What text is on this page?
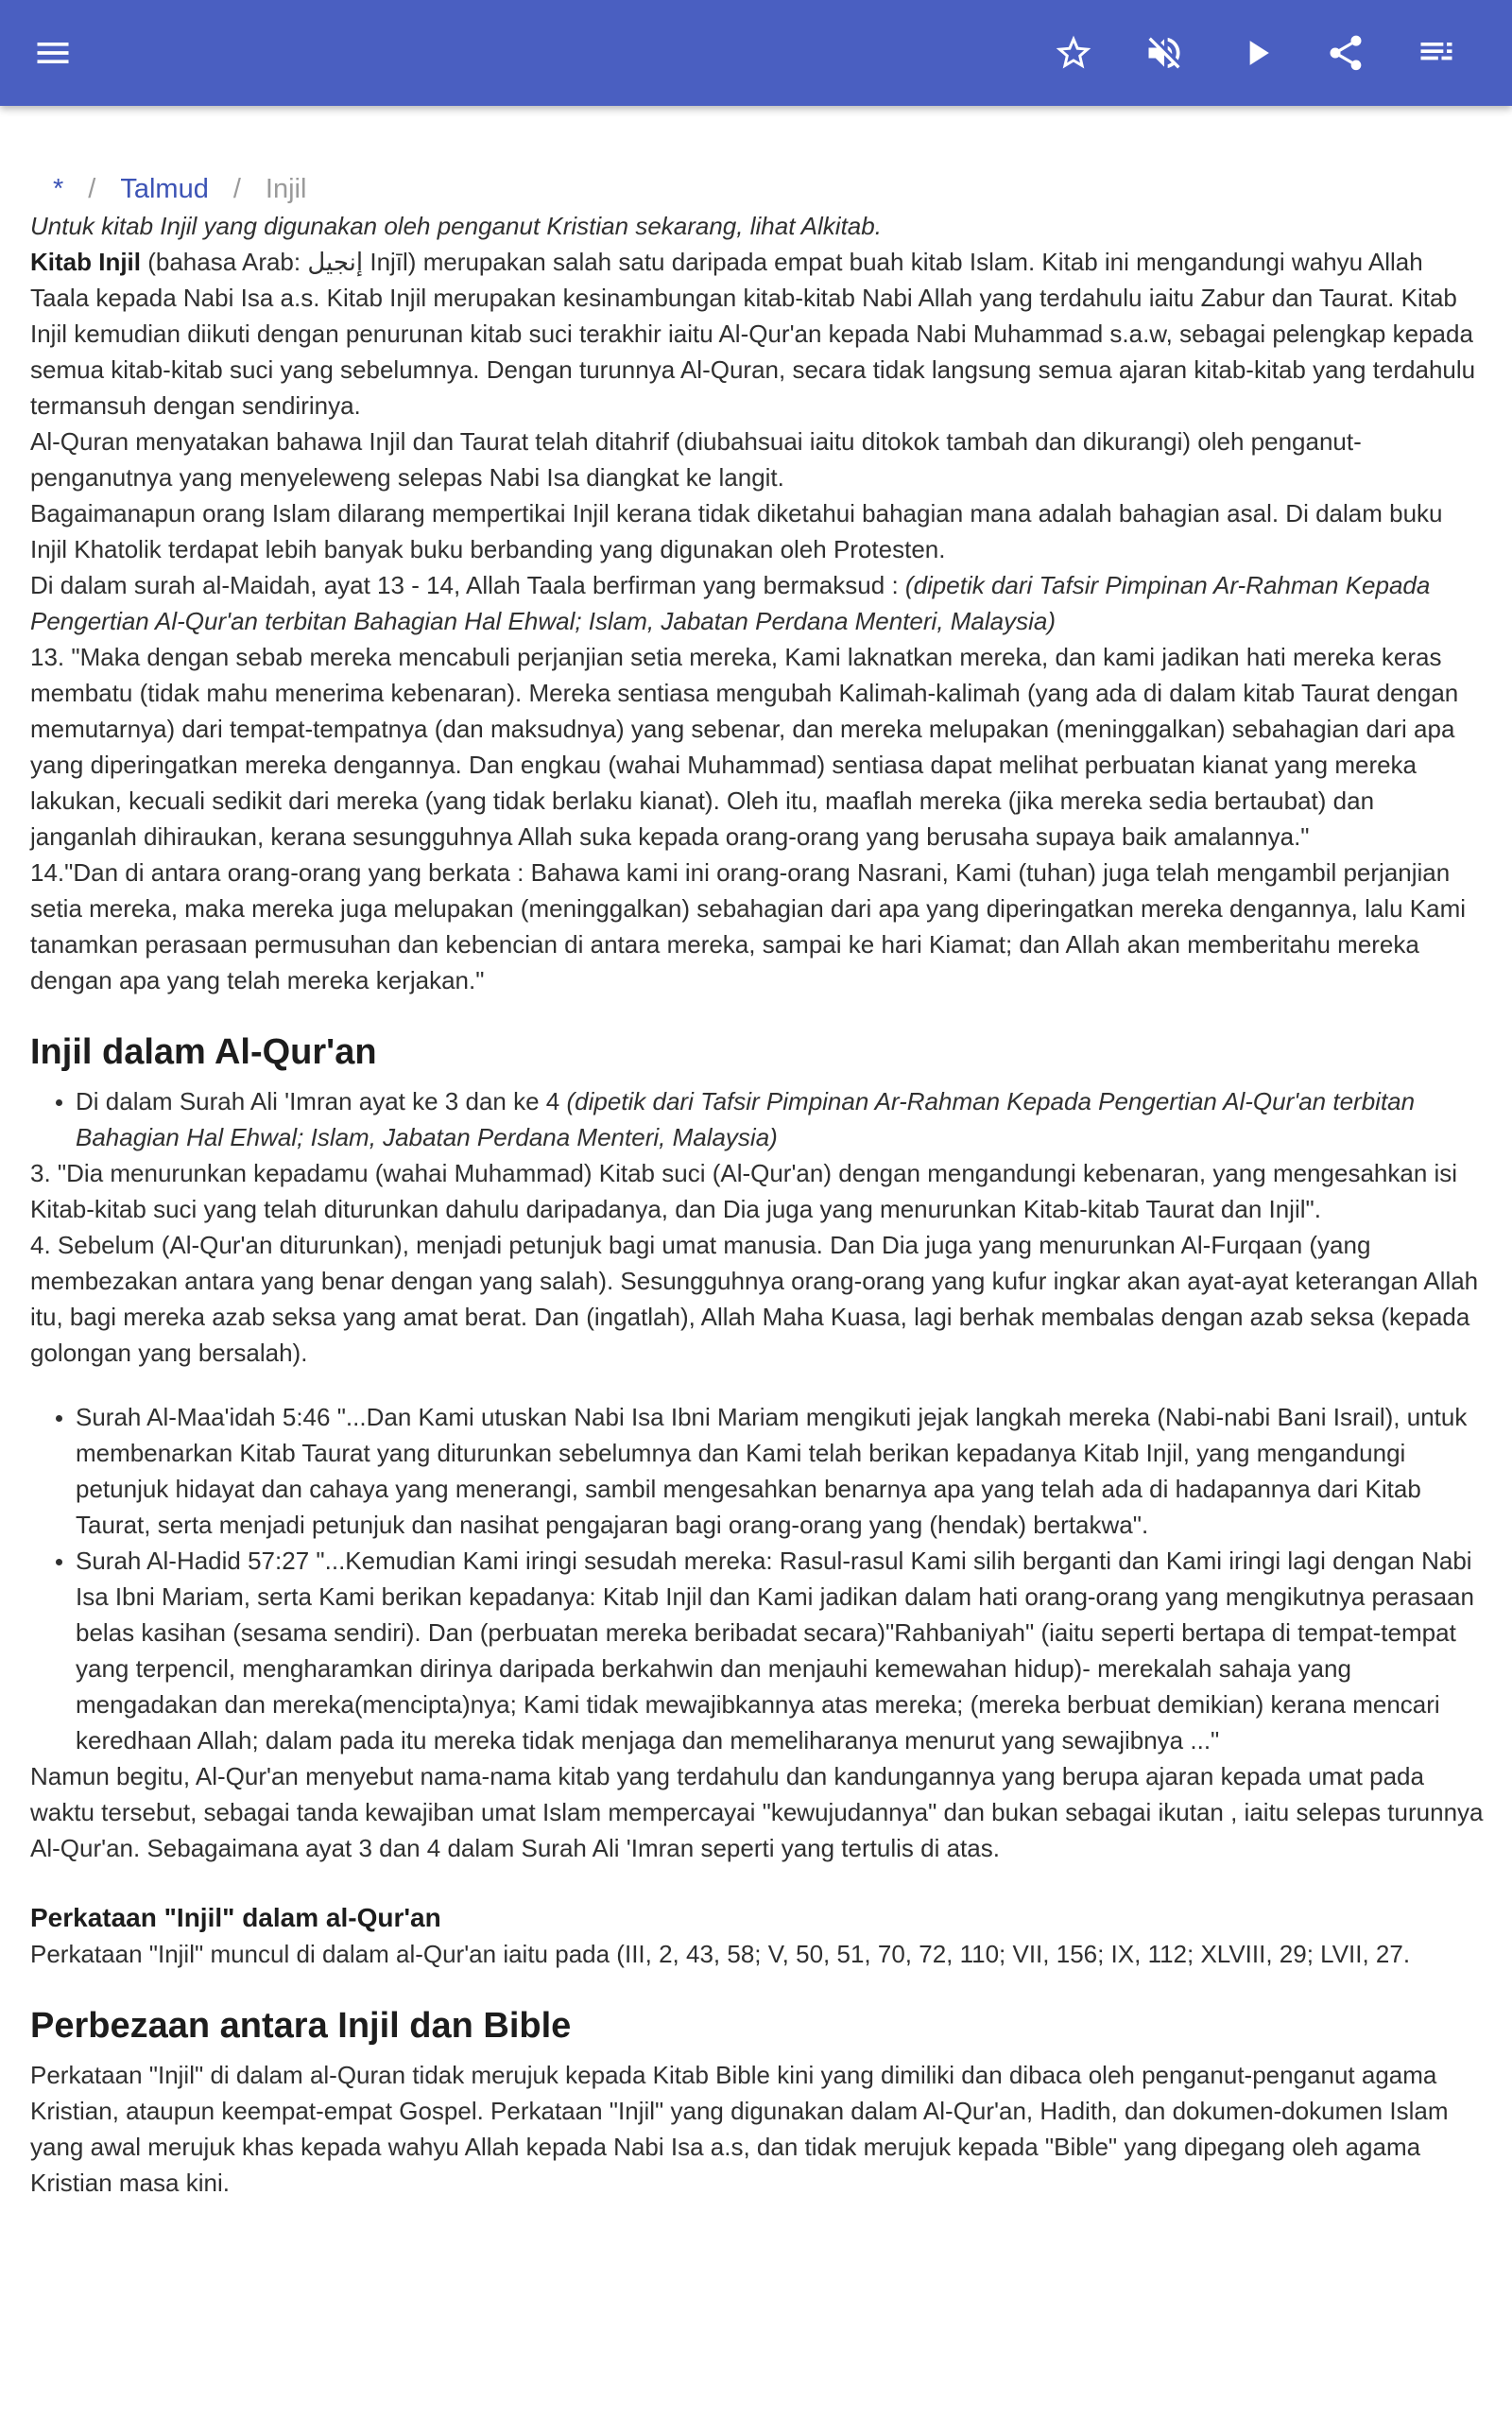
* / Talmud / Injil

Untuk kitab Injil yang digunakan oleh penganut Kristian sekarang, lihat Alkitab.

Kitab Injil (bahasa Arab: إنجيل Injīl) merupakan salah satu daripada empat buah kitab Islam. Kitab ini mengandungi wahyu Allah Taala kepada Nabi Isa a.s. Kitab Injil merupakan kesinambungan kitab-kitab Nabi Allah yang terdahulu iaitu Zabur dan Taurat. Kitab Injil kemudian diikuti dengan penurunan kitab suci terakhir iaitu Al-Qur'an kepada Nabi Muhammad s.a.w, sebagai pelengkap kepada semua kitab-kitab suci yang sebelumnya. Dengan turunnya Al-Quran, secara tidak langsung semua ajaran kitab-kitab yang terdahulu termansuh dengan sendirinya.

Al-Quran menyatakan bahawa Injil dan Taurat telah ditahrif (diubahsuai iaitu ditokok tambah dan dikurangi) oleh penganut-penganutnya yang menyeleweng selepas Nabi Isa diangkat ke langit.

Bagaimanapun orang Islam dilarang mempertikai Injil kerana tidak diketahui bahagian mana adalah bahagian asal. Di dalam buku Injil Khatolik terdapat lebih banyak buku berbanding yang digunakan oleh Protesten.

Di dalam surah al-Maidah, ayat 13 - 14, Allah Taala berfirman yang bermaksud : (dipetik dari Tafsir Pimpinan Ar-Rahman Kepada Pengertian Al-Qur'an terbitan Bahagian Hal Ehwal; Islam, Jabatan Perdana Menteri, Malaysia)

13. "Maka dengan sebab mereka mencabuli perjanjian setia mereka, Kami laknatkan mereka, dan kami jadikan hati mereka keras membatu (tidak mahu menerima kebenaran). Mereka sentiasa mengubah Kalimah-kalimah (yang ada di dalam kitab Taurat dengan memutarnya) dari tempat-tempatnya (dan maksudnya) yang sebenar, dan mereka melupakan (meninggalkan) sebahagian dari apa yang diperingatkan mereka dengannya. Dan engkau (wahai Muhammad) sentiasa dapat melihat perbuatan kianat yang mereka lakukan, kecuali sedikit dari mereka (yang tidak berlaku kianat). Oleh itu, maaflah mereka (jika mereka sedia bertaubat) dan janganlah dihiraukan, kerana sesungguhnya Allah suka kepada orang-orang yang berusaha supaya baik amalannya."

14."Dan di antara orang-orang yang berkata : Bahawa kami ini orang-orang Nasrani, Kami (tuhan) juga telah mengambil perjanjian setia mereka, maka mereka juga melupakan (meninggalkan) sebahagian dari apa yang diperingatkan mereka dengannya, lalu Kami tanamkan perasaan permusuhan dan kebencian di antara mereka, sampai ke hari Kiamat; dan Allah akan memberitahu mereka dengan apa yang telah mereka kerjakan."

Injil dalam Al-Qur'an
• Di dalam Surah Ali 'Imran ayat ke 3 dan ke 4 (dipetik dari Tafsir Pimpinan Ar-Rahman Kepada Pengertian Al-Qur'an terbitan Bahagian Hal Ehwal; Islam, Jabatan Perdana Menteri, Malaysia)

3. "Dia menurunkan kepadamu (wahai Muhammad) Kitab suci (Al-Qur'an) dengan mengandungi kebenaran, yang mengesahkan isi Kitab-kitab suci yang telah diturunkan dahulu daripadanya, dan Dia juga yang menurunkan Kitab-kitab Taurat dan Injil".

4. Sebelum (Al-Qur'an diturunkan), menjadi petunjuk bagi umat manusia. Dan Dia juga yang menurunkan Al-Furqaan (yang membezakan antara yang benar dengan yang salah). Sesungguhnya orang-orang yang kufur ingkar akan ayat-ayat keterangan Allah itu, bagi mereka azab seksa yang amat berat. Dan (ingatlah), Allah Maha Kuasa, lagi berhak membalas dengan azab seksa (kepada golongan yang bersalah).

• Surah Al-Maa'idah 5:46 "...Dan Kami utuskan Nabi Isa Ibni Mariam mengikuti jejak langkah mereka (Nabi-nabi Bani Israil), untuk membenarkan Kitab Taurat yang diturunkan sebelumnya dan Kami telah berikan kepadanya Kitab Injil, yang mengandungi petunjuk hidayat dan cahaya yang menerangi, sambil mengesahkan benarnya apa yang telah ada di hadapannya dari Kitab Taurat, serta menjadi petunjuk dan nasihat pengajaran bagi orang-orang yang (hendak) bertakwa".
• Surah Al-Hadid 57:27 "...Kemudian Kami iringi sesudah mereka: Rasul-rasul Kami silih berganti dan Kami iringi lagi dengan Nabi Isa Ibni Mariam, serta Kami berikan kepadanya: Kitab Injil dan Kami jadikan dalam hati orang-orang yang mengikutnya perasaan belas kasihan (sesama sendiri). Dan (perbuatan mereka beribadat secara)"Rahbaniyah" (iaitu seperti bertapa di tempat-tempat yang terpencil, mengharamkan dirinya daripada berkahwin dan menjauhi kemewahan hidup)- merekalah sahaja yang mengadakan dan mereka(mencipta)nya; Kami tidak mewajibkannya atas mereka; (mereka berbuat demikian) kerana mencari keredhaan Allah; dalam pada itu mereka tidak menjaga dan memeliharanya menurut yang sewajibnya ..."

Namun begitu, Al-Qur'an menyebut nama-nama kitab yang terdahulu dan kandungannya yang berupa ajaran kepada umat pada waktu tersebut, sebagai tanda kewajiban umat Islam mempercayai "kewujudannya" dan bukan sebagai ikutan , iaitu selepas turunnya Al-Qur'an. Sebagaimana ayat 3 dan 4 dalam Surah Ali 'Imran seperti yang tertulis di atas.

Perkataan "Injil" dalam al-Qur'an

Perkataan "Injil" muncul di dalam al-Qur'an iaitu pada (III, 2, 43, 58; V, 50, 51, 70, 72, 110; VII, 156; IX, 112; XLVIII, 29; LVII, 27.

Perbezaan antara Injil dan Bible

Perkataan "Injil" di dalam al-Quran tidak merujuk kepada Kitab Bible kini yang dimiliki dan dibaca oleh penganut-penganut agama Kristian, ataupun keempat-empat Gospel. Perkataan "Injil" yang digunakan dalam Al-Qur'an, Hadith, dan dokumen-dokumen Islam yang awal merujuk khas kepada wahyu Allah kepada Nabi Isa a.s, dan tidak merujuk kepada "Bible" yang dipegang oleh agama Kristian masa kini.
